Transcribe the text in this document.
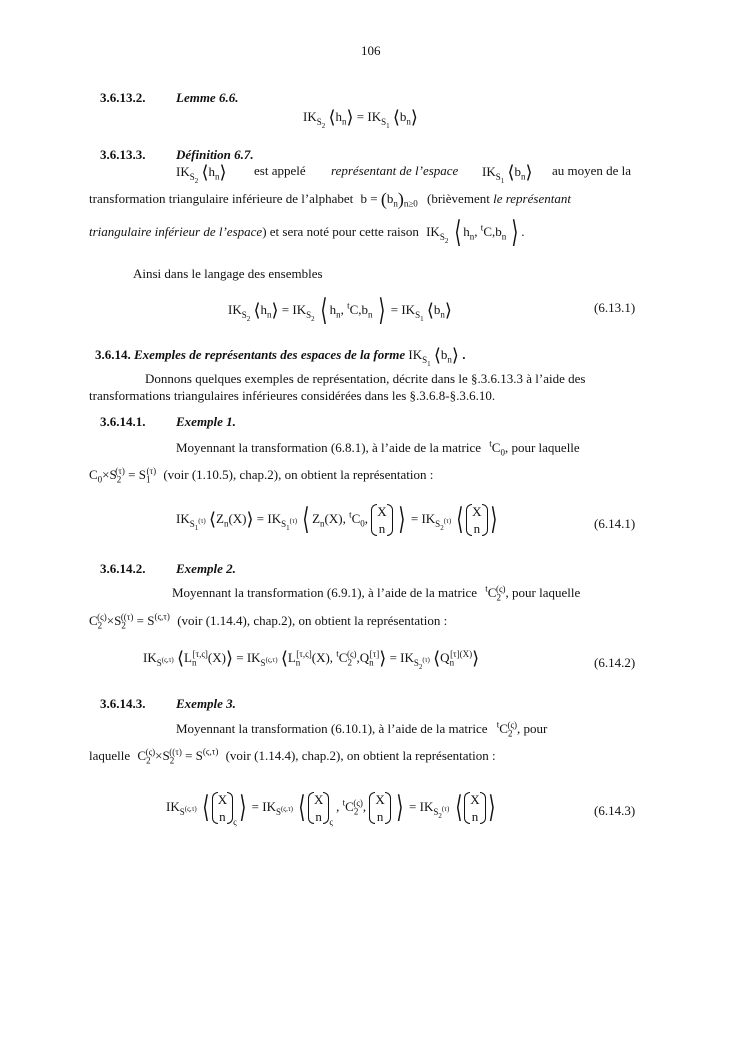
106
3.6.13.2. Lemme 6.6.
$IK_{S_2}$ $⟨h_n⟩ = IK_{S_1}$ $⟨b_n⟩$
3.6.13.3. Définition 6.7.
$IK_{S_2}$ $⟨h_n⟩$ est appelé représentant de l’espace $IK_{S_1}$ $⟨b_n⟩$ au moyen de la
transformation triangulaire inférieure de l’alphabet $b = (b_n)_{n\ge 0}$ (brièvement le représentant
triangulaire inférieur de l’espace) et sera noté pour cette raison $IK_{S_2}$ ⟨ $h_n$, $^tC,b_n$ ⟩ .
Ainsi dans le langage des ensembles
$IK_{S_2}$ $⟨h_n⟩ = IK_{S_2}$ ⟨ $h_n$, $^tC,b_n$ ⟩ = $IK_{S_1}$ $⟨b_n⟩$	(6.13.1)
3.6.14. Exemples de représentants des espaces de la forme $IK_{S_1}$ $⟨b_n⟩$ .
Donnons quelques exemples de représentation, décrite dans le §.3.6.13.3 à l’aide des
transformations triangulaires inférieures considérées dans les §.3.6.8-§.3.6.10.
3.6.14.1. Exemple 1.
Moyennant la transformation (6.8.1), à l’aide de la matrice $^tC_0$, pour laquelle
$C_0\times S_2^{(\tau)} = S_1^{(\tau)}$ (voir (1.10.5), chap.2), on obtient la représentation :
$IK_{S_1^{(\tau)}}$ $⟨Z_n(X)⟩ = IK_{S_1^{(\tau)}}$ ⟨ $Z_n(X)$, $^tC_0$, X
n ⟩ = $IK_{S_2^{(\tau)}}$ ⟨ X
n ⟩	(6.14.1)
3.6.14.2. Exemple 2.
Moyennant la transformation (6.9.1), à l’aide de la matrice $^tC_2^{(\varsigma)}$, pour laquelle
$C_2^{(\varsigma)}\times S_2^{((\tau)} = S^{(\varsigma,\tau)}$ (voir (1.14.4), chap.2), on obtient la représentation :
$IK_{S^{(\varsigma,\tau)}}$ $⟨L_n[\tau,\varsigma](X)⟩ = IK_{S^{(\varsigma,\tau)}}$ $⟨L_n[\tau,\varsigma](X)$, $^tC_2^{(\varsigma)},Q_n[\tau]⟩ = IK_{S_2^{(\tau)}}$ $⟨Q_n^{[\tau](X)}⟩$	(6.14.2)
3.6.14.3. Exemple 3.
Moyennant la transformation (6.10.1), à l’aide de la matrice $^tC_2^{(\varsigma)}$, pour
laquelle $C_2^{(\varsigma)}\times S_2^{((\tau)} = S^{(\varsigma,\tau)}$ (voir (1.14.4), chap.2), on obtient la représentation :
$IK_{S^{(\varsigma,\tau)}}$ ⟨ X
n $_\varsigma$⟩ = $IK_{S^{(\varsigma,\tau)}}$ ⟨ X
n $_\varsigma$ , $^tC_2^{(\varsigma)}$, X
n ⟩ = $IK_{S_2^{(\tau)}}$ ⟨ X
n ⟩	(6.14.3)
